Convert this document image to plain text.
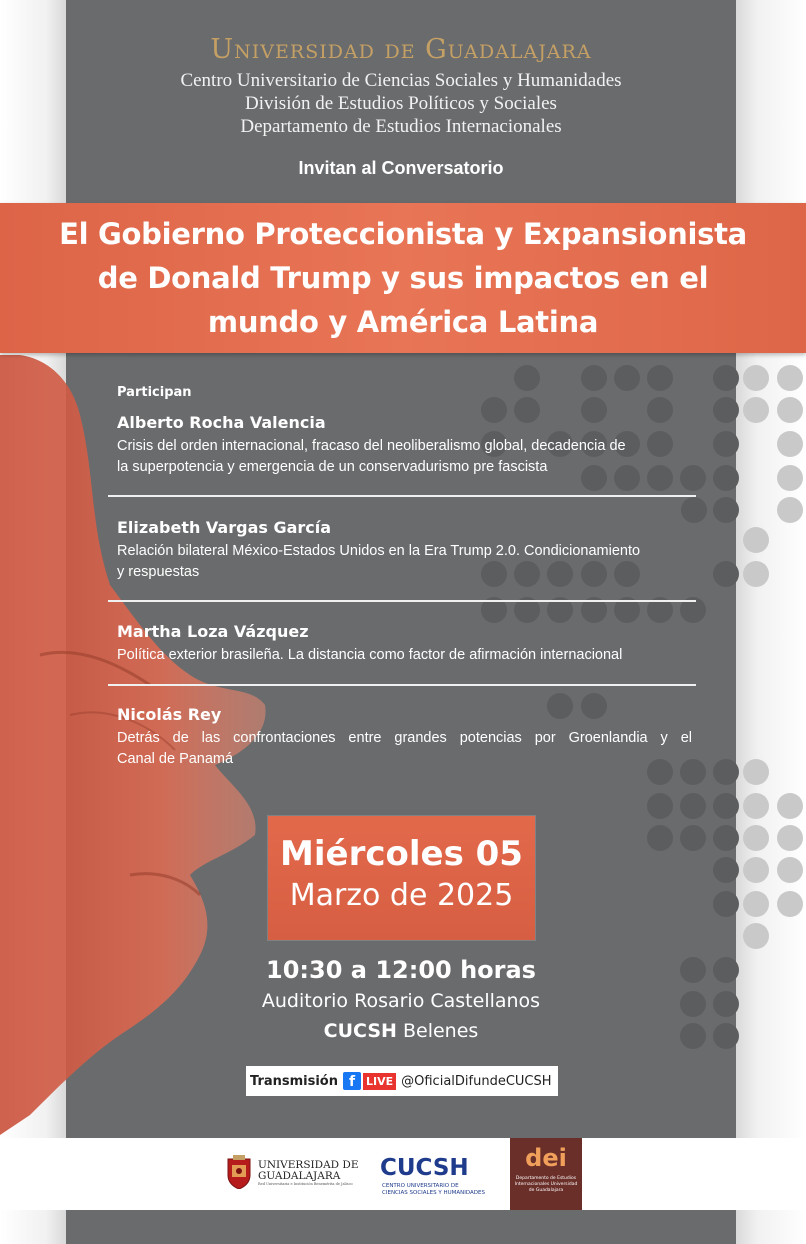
Universidad de Guadalajara
Centro Universitario de Ciencias Sociales y Humanidades
División de Estudios Políticos y Sociales
Departamento de Estudios Internacionales
Invitan al Conversatorio
El Gobierno Proteccionista y Expansionista
de Donald Trump y sus impactos en el
mundo y América Latina
Participan
Alberto Rocha Valencia
Crisis del orden internacional, fracaso del neoliberalismo global, decadencia de
la superpotencia y emergencia de un conservadurismo pre fascista
Elizabeth Vargas García
Relación bilateral México-Estados Unidos en la Era Trump 2.0. Condicionamiento
y respuestas
Martha Loza Vázquez
Política exterior brasileña. La distancia como factor de afirmación internacional
Nicolás Rey
Detrás de las confrontaciones entre grandes potencias por Groenlandia y el
Canal de Panamá
Miércoles 05
Marzo de 2025
10:30 a 12:00 horas
Auditorio Rosario Castellanos
CUCSH Belenes
Transmisión f LIVE @OficialDifundeCUCSH
UNIVERSIDAD DE
GUADALAJARA
Red Universitaria e Institución Benemérita de Jalisco
CUCSH
CENTRO UNIVERSITARIO DE
CIENCIAS SOCIALES Y HUMANIDADES
dei
Departamento de Estudios Internacionales Universidad de Guadalajara
